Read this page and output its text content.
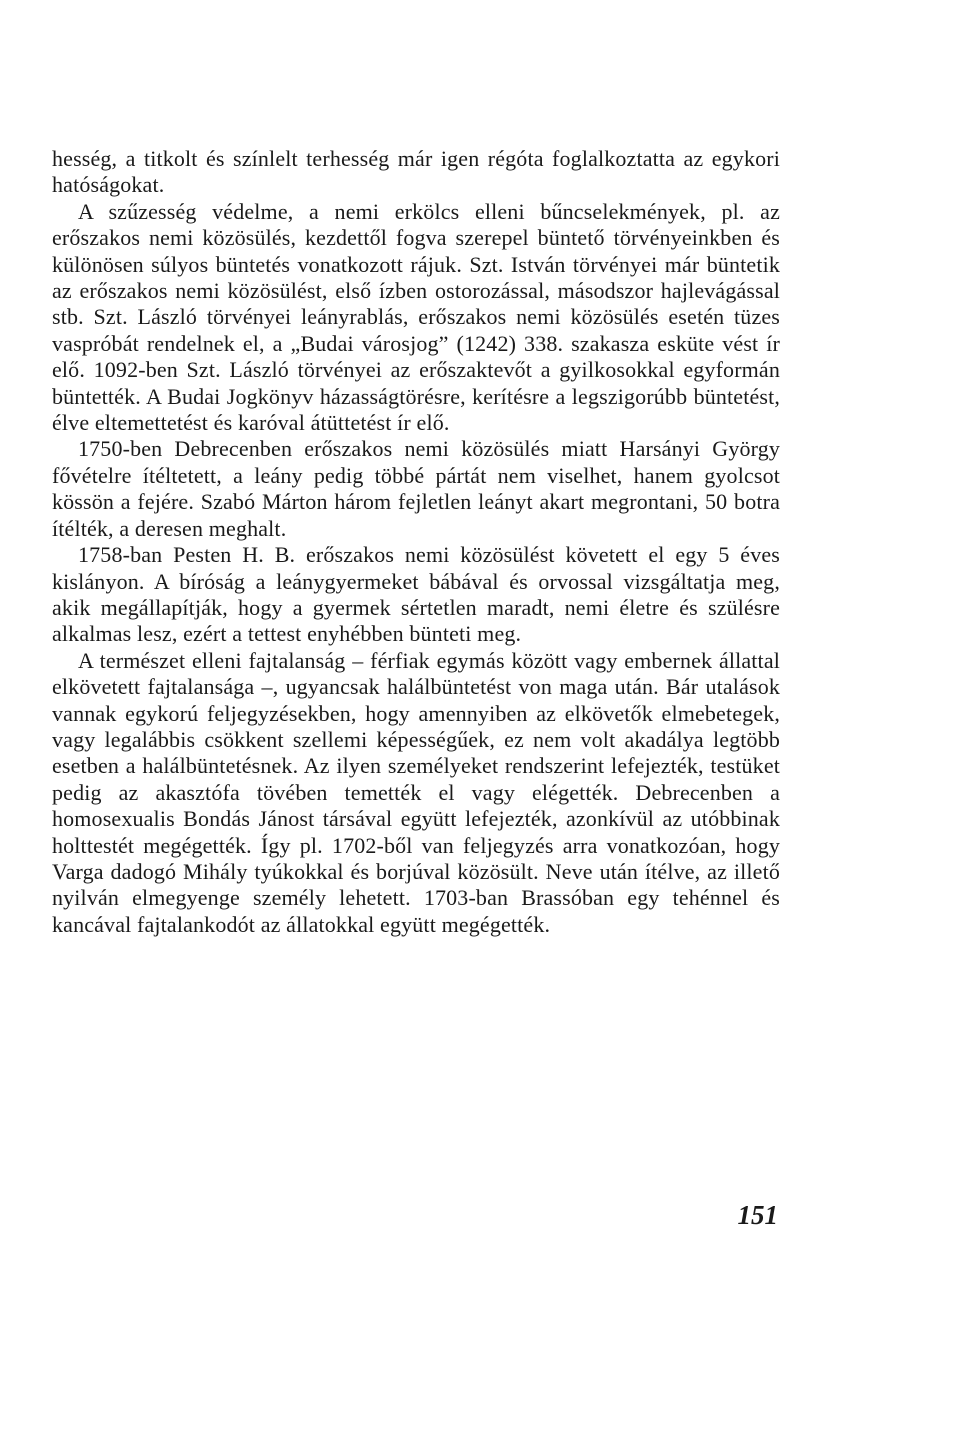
hesség, a titkolt és színlelt terhesség már igen régóta foglalkoztatta az egykori hatóságokat.

A szűzesség védelme, a nemi erkölcs elleni bűncselekmények, pl. az erőszakos nemi közösülés, kezdettől fogva szerepel büntető törvényeinkben és különösen súlyos büntetés vonatkozott rájuk. Szt. István törvényei már büntetik az erőszakos nemi közösülést, első ízben ostorozással, másodszor hajlevágással stb. Szt. László törvényei leányrablás, erőszakos nemi közösülés esetén tüzes vaspróbát rendelnek el, a „Budai városjog” (1242) 338. szakasza esküte vést ír elő. 1092-ben Szt. László törvényei az erőszaktevőt a gyilkosokkal egyformán büntették. A Budai Jogkönyv házasságtörésre, kerítésre a legszigorúbb büntetést, élve eltemettetést és karóval átüttetést ír elő.

1750-ben Debrecenben erőszakos nemi közösülés miatt Harsányi György fővételre ítéltetett, a leány pedig többé pártát nem viselhet, hanem gyolcsot kössön a fejére. Szabó Márton három fejletlen leányt akart megrontani, 50 botra ítélték, a deresen meghalt.

1758-ban Pesten H. B. erőszakos nemi közösülést követett el egy 5 éves kislányon. A bíróság a leánygyermeket bábával és orvossal vizsgáltatja meg, akik megállapítják, hogy a gyermek sértetlen maradt, nemi életre és szülésre alkalmas lesz, ezért a tettest enyhébben bünteti meg.

A természet elleni fajtalanság – férfiak egymás között vagy embernek állattal elkövetett fajtalansága –, ugyancsak halálbüntetést von maga után. Bár utalások vannak egykorú feljegyzésekben, hogy amennyiben az elkövetők elmebetegek, vagy legalábbis csökkent szellemi képességűek, ez nem volt akadálya legtöbb esetben a halálbüntetésnek. Az ilyen személyeket rendszerint lefejezték, testüket pedig az akasztófa tövében temették el vagy elégették. Debrecenben a homosexualis Bondás Jánost társával együtt lefejezték, azonkívül az utóbbinak holttestét megégették. Így pl. 1702-ből van feljegyzés arra vonatkozóan, hogy Varga dadogó Mihály tyúkokkal és borjúval közösült. Neve után ítélve, az illető nyilván elmegyenge személy lehetett. 1703-ban Brassóban egy tehénnel és kancával fajtalankodót az állatokkal együtt megégették.

151
